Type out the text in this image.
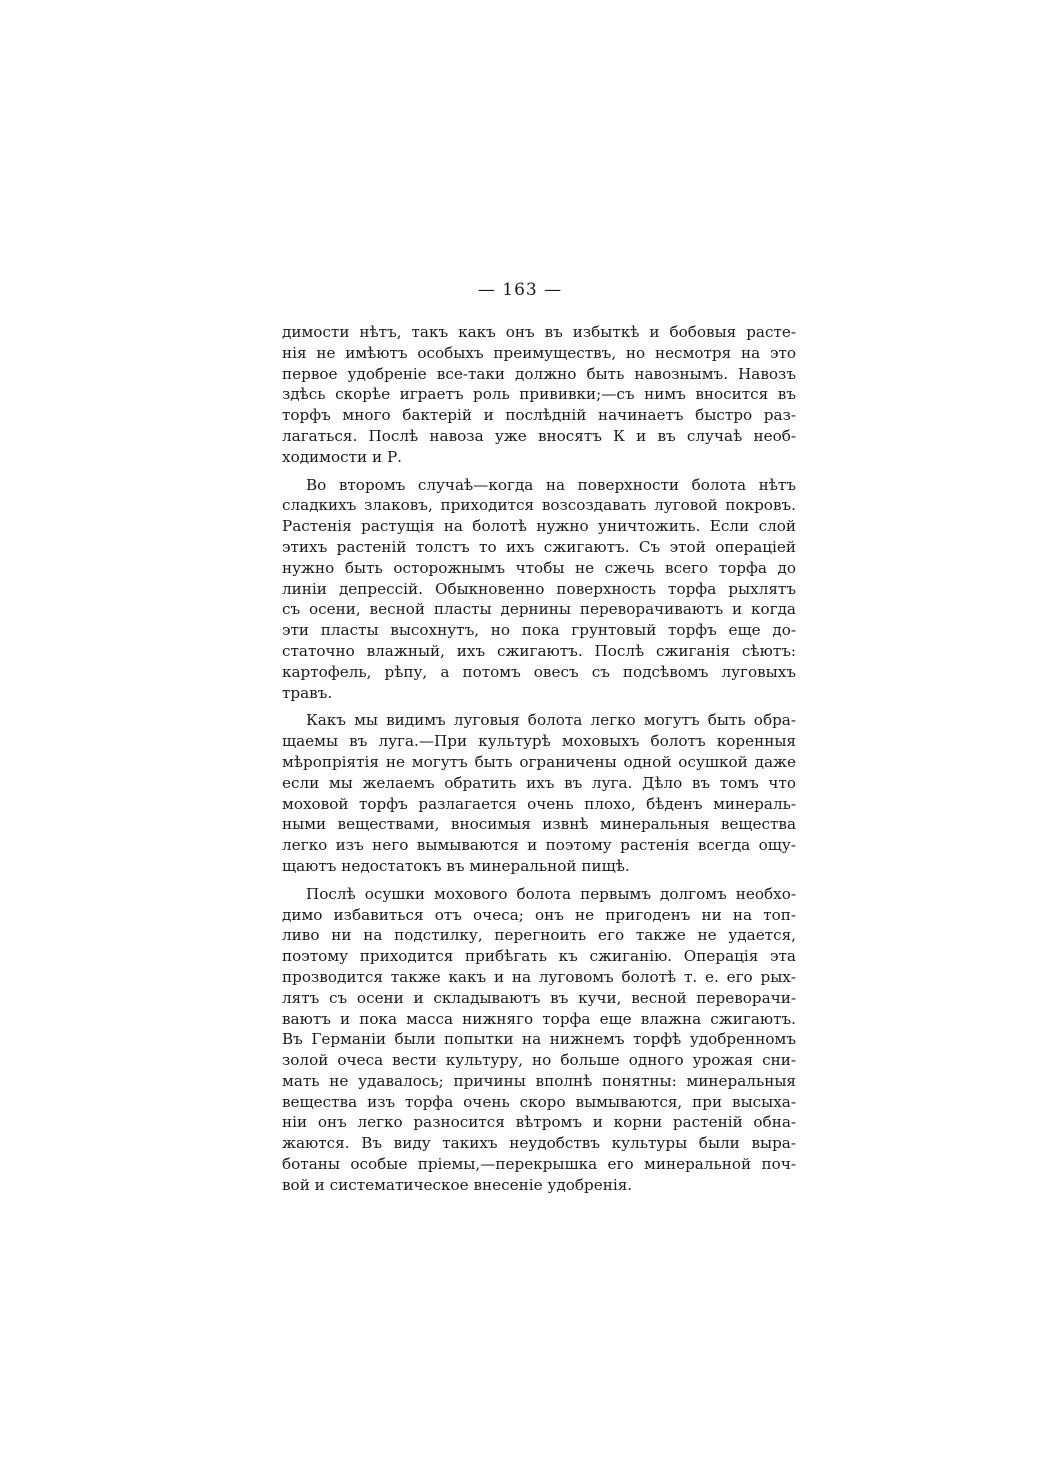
— 163 —
димости нѣтъ, такъ какъ онъ въ избыткѣ и бобовыя расте-
нія не имѣютъ особыхъ преимуществъ, но несмотря на это
первое удобреніе все-таки должно быть навознымъ. Навозъ
здѣсь скорѣе играетъ роль прививки;—съ нимъ вносится въ
торфъ много бактерій и послѣдній начинаетъ быстро раз-
лагаться. Послѣ навоза уже вносятъ К и въ случаѣ необ-
ходимости и Р.
Во второмъ случаѣ—когда на поверхности болота нѣтъ
сладкихъ злаковъ, приходится возсоздавать луговой покровъ.
Растенія растущія на болотѣ нужно уничтожить. Если слой
этихъ растеній толстъ то ихъ сжигаютъ. Съ этой операціей
нужно быть осторожнымъ чтобы не сжечь всего торфа до
линіи депрессій. Обыкновенно поверхность торфа рыхлятъ
съ осени, весной пласты дернины переворачиваютъ и когда
эти пласты высохнутъ, но пока грунтовый торфъ еще до-
статочно влажный, ихъ сжигаютъ. Послѣ сжиганія сѣютъ:
картофель, рѣпу, а потомъ овесъ съ подсѣвомъ луговыхъ
травъ.
Какъ мы видимъ луговыя болота легко могутъ быть обра-
щаемы въ луга.—При культурѣ моховыхъ болотъ коренныя
мѣропріятія не могутъ быть ограничены одной осушкой даже
если мы желаемъ обратить ихъ въ луга. Дѣло въ томъ что
моховой торфъ разлагается очень плохо, бѣденъ минераль-
ными веществами, вносимыя извнѣ минеральныя вещества
легко изъ него вымываются и поэтому растенія всегда ощу-
щаютъ недостатокъ въ минеральной пищѣ.
Послѣ осушки мохового болота первымъ долгомъ необхо-
димо избавиться отъ очеса; онъ не пригоденъ ни на топ-
ливо ни на подстилку, перегноить его также не удается,
поэтому приходится прибѣгать къ сжиганію. Операція эта
прозводится также какъ и на луговомъ болотѣ т. е. его рых-
лятъ съ осени и складываютъ въ кучи, весной переворачи-
ваютъ и пока масса нижняго торфа еще влажна сжигаютъ.
Въ Германіи были попытки на нижнемъ торфѣ удобренномъ
золой очеса вести культуру, но больше одного урожая сни-
мать не удавалось; причины вполнѣ понятны: минеральныя
вещества изъ торфа очень скоро вымываются, при высыха-
ніи онъ легко разносится вѣтромъ и корни растеній обна-
жаются. Въ виду такихъ неудобствъ культуры были выра-
ботаны особые пріемы,—перекрышка его минеральной поч-
вой и систематическое внесеніе удобренія.
